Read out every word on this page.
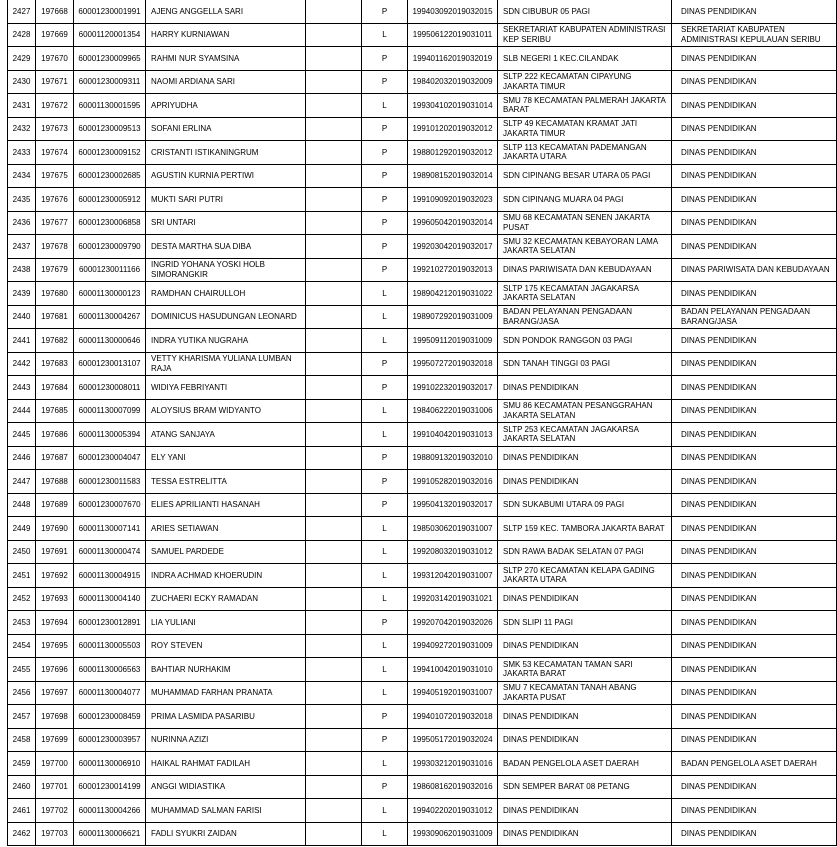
2427	197668	60001230001991	AJENG ANGGELLA SARI		P	199403092019032015	SDN CIBUBUR 05 PAGI	DINAS PENDIDIKAN
2428	197669	60001120001354	HARRY KURNIAWAN		L	199506122019031011	SEKRETARIAT KABUPATEN ADMINISTRASI KEP SERIBU	SEKRETARIAT KABUPATEN ADMINISTRASI KEPULAUAN SERIBU
2429	197670	60001230009965	RAHMI NUR SYAMSINA		P	199401162019032019	SLB NEGERI 1 KEC.CILANDAK	DINAS PENDIDIKAN
2430	197671	60001230009311	NAOMI ARDIANA SARI		P	198402032019032009	SLTP 222 KECAMATAN CIPAYUNG JAKARTA TIMUR	DINAS PENDIDIKAN
2431	197672	60001130001595	APRIYUDHA		L	199304102019031014	SMU 78 KECAMATAN PALMERAH JAKARTA BARAT	DINAS PENDIDIKAN
2432	197673	60001230009513	SOFANI ERLINA		P	199101202019032012	SLTP 49 KECAMATAN KRAMAT JATI JAKARTA TIMUR	DINAS PENDIDIKAN
2433	197674	60001230009152	CRISTANTI ISTIKANINGRUM		P	198801292019032012	SLTP 113 KECAMATAN PADEMANGAN JAKARTA UTARA	DINAS PENDIDIKAN
2434	197675	60001230002685	AGUSTIN KURNIA PERTIWI		P	198908152019032014	SDN CIPINANG BESAR UTARA 05 PAGI	DINAS PENDIDIKAN
2435	197676	60001230005912	MUKTI SARI PUTRI		P	199109092019032023	SDN CIPINANG MUARA 04 PAGI	DINAS PENDIDIKAN
2436	197677	60001230006858	SRI UNTARI		P	199605042019032014	SMU 68 KECAMATAN SENEN JAKARTA PUSAT	DINAS PENDIDIKAN
2437	197678	60001230009790	DESTA MARTHA SUA DIBA		P	199203042019032017	SMU 32 KECAMATAN KEBAYORAN LAMA JAKARTA SELATAN	DINAS PENDIDIKAN
2438	197679	60001230011166	INGRID YOHANA YOSKI HOLB SIMORANGKIR		P	199210272019032013	DINAS PARIWISATA DAN KEBUDAYAAN	DINAS PARIWISATA DAN KEBUDAYAAN
2439	197680	60001130000123	RAMDHAN CHAIRULLOH		L	198904212019031022	SLTP 175 KECAMATAN JAGAKARSA JAKARTA SELATAN	DINAS PENDIDIKAN
2440	197681	60001130004267	DOMINICUS HASUDUNGAN LEONARD		L	198907292019031009	BADAN PELAYANAN PENGADAAN BARANG/JASA	BADAN PELAYANAN PENGADAAN BARANG/JASA
2441	197682	60001130000646	INDRA YUTIKA NUGRAHA		L	199509112019031009	SDN PONDOK RANGGON 03 PAGI	DINAS PENDIDIKAN
2442	197683	60001230013107	VETTY KHARISMA YULIANA LUMBAN RAJA		P	199507272019032018	SDN TANAH TINGGI 03 PAGI	DINAS PENDIDIKAN
2443	197684	60001230008011	WIDIYA FEBRIYANTI		P	199102232019032017	DINAS PENDIDIKAN	DINAS PENDIDIKAN
2444	197685	60001130007099	ALOYSIUS BRAM WIDYANTO		L	198406222019031006	SMU 86 KECAMATAN PESANGGRAHAN JAKARTA SELATAN	DINAS PENDIDIKAN
2445	197686	60001130005394	ATANG SANJAYA		L	199104042019031013	SLTP 253 KECAMATAN JAGAKARSA JAKARTA SELATAN	DINAS PENDIDIKAN
2446	197687	60001230004047	ELY YANI		P	198809132019032010	DINAS PENDIDIKAN	DINAS PENDIDIKAN
2447	197688	60001230011583	TESSA ESTRELITTA		P	199105282019032016	DINAS PENDIDIKAN	DINAS PENDIDIKAN
2448	197689	60001230007670	ELIES APRILIANTI HASANAH		P	199504132019032017	SDN SUKABUMI UTARA 09 PAGI	DINAS PENDIDIKAN
2449	197690	60001130007141	ARIES SETIAWAN		L	198503062019031007	SLTP 159 KEC. TAMBORA JAKARTA BARAT	DINAS PENDIDIKAN
2450	197691	60001130000474	SAMUEL PARDEDE		L	199208032019031012	SDN RAWA BADAK SELATAN 07 PAGI	DINAS PENDIDIKAN
2451	197692	60001130004915	INDRA ACHMAD KHOERUDIN		L	199312042019031007	SLTP 270 KECAMATAN KELAPA GADING JAKARTA UTARA	DINAS PENDIDIKAN
2452	197693	60001130004140	ZUCHAERI ECKY RAMADAN		L	199203142019031021	DINAS PENDIDIKAN	DINAS PENDIDIKAN
2453	197694	60001230012891	LIA YULIANI		P	199207042019032026	SDN SLIPI 11 PAGI	DINAS PENDIDIKAN
2454	197695	60001130005503	ROY STEVEN		L	199409272019031009	DINAS PENDIDIKAN	DINAS PENDIDIKAN
2455	197696	60001130006563	BAHTIAR NURHAKIM		L	199410042019031010	SMK 53 KECAMATAN TAMAN SARI JAKARTA BARAT	DINAS PENDIDIKAN
2456	197697	60001130004077	MUHAMMAD FARHAN PRANATA		L	199405192019031007	SMU 7 KECAMATAN TANAH ABANG JAKARTA PUSAT	DINAS PENDIDIKAN
2457	197698	60001230008459	PRIMA LASMIDA PASARIBU		P	199401072019032018	DINAS PENDIDIKAN	DINAS PENDIDIKAN
2458	197699	60001230003957	NURINNA AZIZI		P	199505172019032024	DINAS PENDIDIKAN	DINAS PENDIDIKAN
2459	197700	60001130006910	HAIKAL RAHMAT FADILAH		L	199303212019031016	BADAN PENGELOLA ASET DAERAH	BADAN PENGELOLA ASET DAERAH
2460	197701	60001230014199	ANGGI WIDIASTIKA		P	198608162019032016	SDN SEMPER BARAT 08 PETANG	DINAS PENDIDIKAN
2461	197702	60001130004266	MUHAMMAD SALMAN FARISI		L	199402202019031012	DINAS PENDIDIKAN	DINAS PENDIDIKAN
2462	197703	60001130006621	FADLI SYUKRI ZAIDAN		L	199309062019031009	DINAS PENDIDIKAN	DINAS PENDIDIKAN
